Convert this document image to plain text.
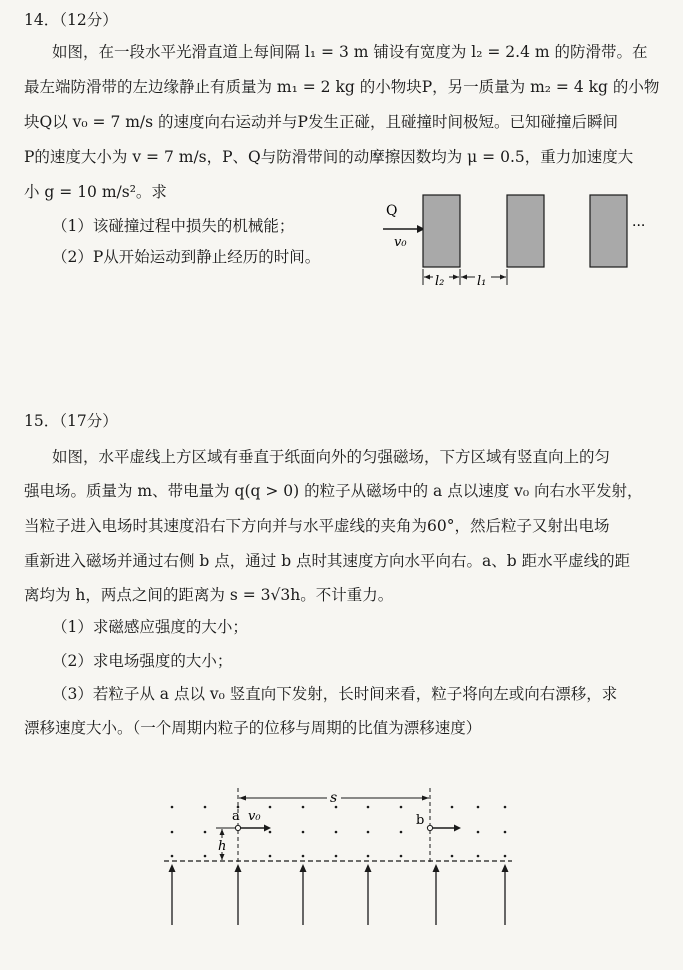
14．（12分）
如图，在一段水平光滑直道上每间隔 l₁ = 3 m 铺设有宽度为 l₂ = 2.4 m 的防滑带。在
最左端防滑带的左边缘静止有质量为 m₁ = 2 kg 的小物块P，另一质量为 m₂ = 4 kg 的小物
块Q以 v₀ = 7 m/s 的速度向右运动并与P发生正碰，且碰撞时间极短。已知碰撞后瞬间
P的速度大小为 v = 7 m/s，P、Q与防滑带间的动摩擦因数均为 μ = 0.5，重力加速度大
小 g = 10 m/s²。求
（1）该碰撞过程中损失的机械能；
（2）P从开始运动到静止经历的时间。
Q
v₀
···
l₂	l₁
15．（17分）
如图，水平虚线上方区域有垂直于纸面向外的匀强磁场，下方区域有竖直向上的匀
强电场。质量为 m、带电量为 q(q > 0) 的粒子从磁场中的 a 点以速度 v₀ 向右水平发射，
当粒子进入电场时其速度沿右下方向并与水平虚线的夹角为60°，然后粒子又射出电场
重新进入磁场并通过右侧 b 点，通过 b 点时其速度方向水平向右。a、b 距水平虚线的距
离均为 h，两点之间的距离为 s = 3√3h。不计重力。
（1）求磁感应强度的大小；
（2）求电场强度的大小；
（3）若粒子从 a 点以 v₀ 竖直向下发射，长时间来看，粒子将向左或向右漂移，求
漂移速度大小。（一个周期内粒子的位移与周期的比值为漂移速度）
s
a v₀
h
b
